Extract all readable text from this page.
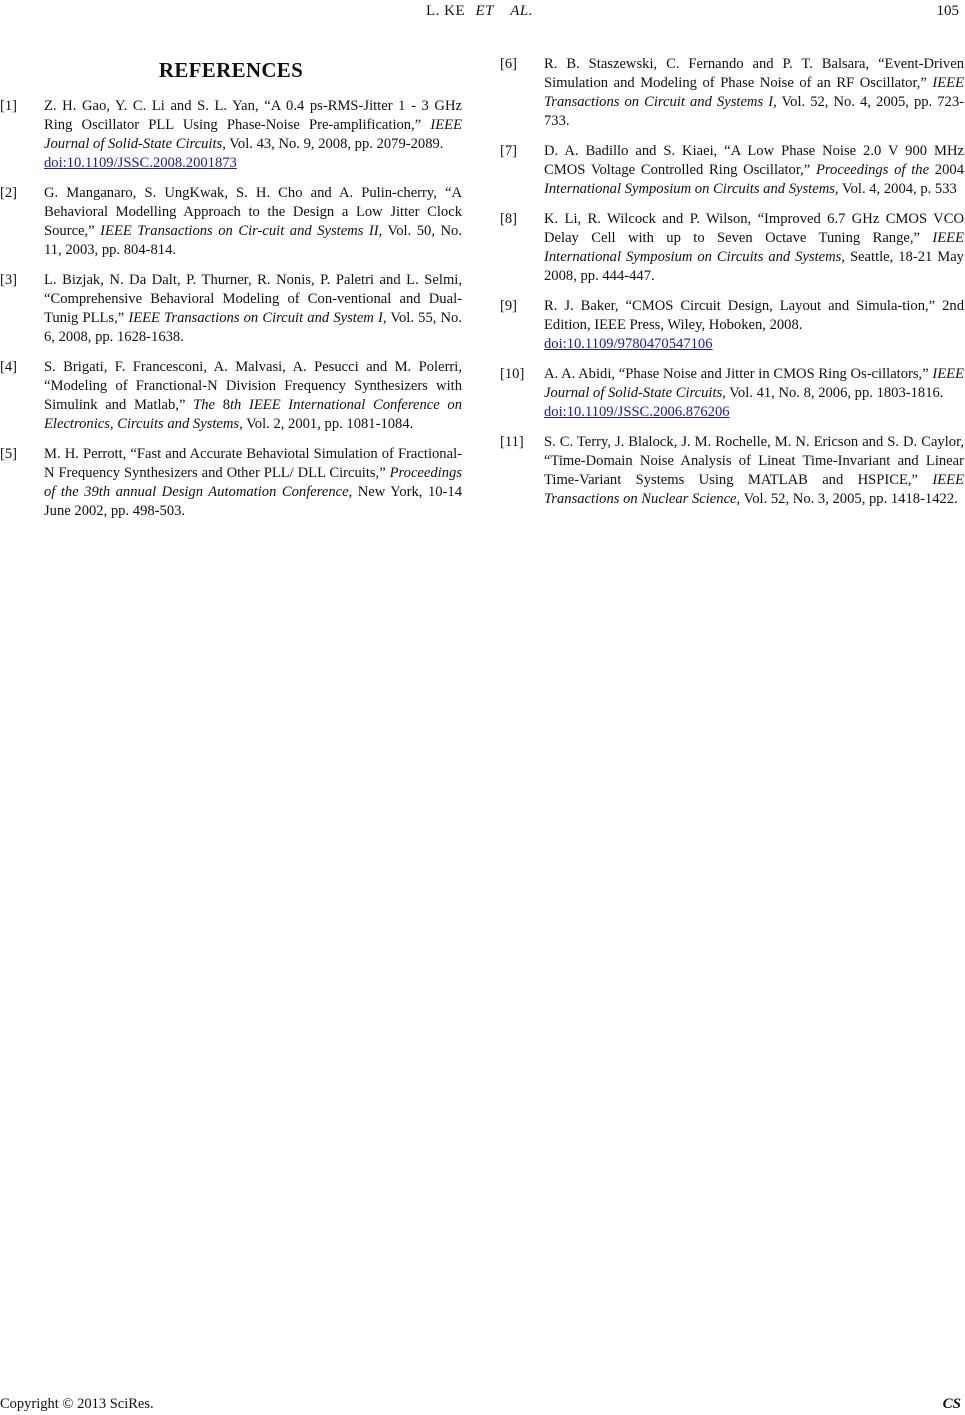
L. KE ET AL.	105
REFERENCES
[1]	Z. H. Gao, Y. C. Li and S. L. Yan, “A 0.4 ps-RMS-Jitter 1 - 3 GHz Ring Oscillator PLL Using Phase-Noise Pre-amplification,” IEEE Journal of Solid-State Circuits, Vol. 43, No. 9, 2008, pp. 2079-2089.
doi:10.1109/JSSC.2008.2001873
[2]	G. Manganaro, S. UngKwak, S. H. Cho and A. Pulin-cherry, “A Behavioral Modelling Approach to the Design a Low Jitter Clock Source,” IEEE Transactions on Cir-cuit and Systems II, Vol. 50, No. 11, 2003, pp. 804-814.
[3]	L. Bizjak, N. Da Dalt, P. Thurner, R. Nonis, P. Paletri and L. Selmi, “Comprehensive Behavioral Modeling of Con-ventional and Dual-Tunig PLLs,” IEEE Transactions on Circuit and System I, Vol. 55, No. 6, 2008, pp. 1628-1638.
[4]	S. Brigati, F. Francesconi, A. Malvasi, A. Pesucci and M. Polerri, “Modeling of Franctional-N Division Frequency Synthesizers with Simulink and Matlab,” The 8th IEEE International Conference on Electronics, Circuits and Systems, Vol. 2, 2001, pp. 1081-1084.
[5]	M. H. Perrott, “Fast and Accurate Behaviotal Simulation of Fractional-N Frequency Synthesizers and Other PLL/ DLL Circuits,” Proceedings of the 39th annual Design Automation Conference, New York, 10-14 June 2002, pp. 498-503.
[6]	R. B. Staszewski, C. Fernando and P. T. Balsara, “Event-Driven Simulation and Modeling of Phase Noise of an RF Oscillator,” IEEE Transactions on Circuit and Systems I, Vol. 52, No. 4, 2005, pp. 723-733.
[7]	D. A. Badillo and S. Kiaei, “A Low Phase Noise 2.0 V 900 MHz CMOS Voltage Controlled Ring Oscillator,” Proceedings of the 2004 International Symposium on Circuits and Systems, Vol. 4, 2004, p. 533
[8]	K. Li, R. Wilcock and P. Wilson, “Improved 6.7 GHz CMOS VCO Delay Cell with up to Seven Octave Tuning Range,” IEEE International Symposium on Circuits and Systems, Seattle, 18-21 May 2008, pp. 444-447.
[9]	R. J. Baker, “CMOS Circuit Design, Layout and Simula-tion,” 2nd Edition, IEEE Press, Wiley, Hoboken, 2008.
doi:10.1109/9780470547106
[10]	A. A. Abidi, “Phase Noise and Jitter in CMOS Ring Os-cillators,” IEEE Journal of Solid-State Circuits, Vol. 41, No. 8, 2006, pp. 1803-1816.
doi:10.1109/JSSC.2006.876206
[11]	S. C. Terry, J. Blalock, J. M. Rochelle, M. N. Ericson and S. D. Caylor, “Time-Domain Noise Analysis of Lineat Time-Invariant and Linear Time-Variant Systems Using MATLAB and HSPICE,” IEEE Transactions on Nuclear Science, Vol. 52, No. 3, 2005, pp. 1418-1422.
Copyright © 2013 SciRes.	CS
